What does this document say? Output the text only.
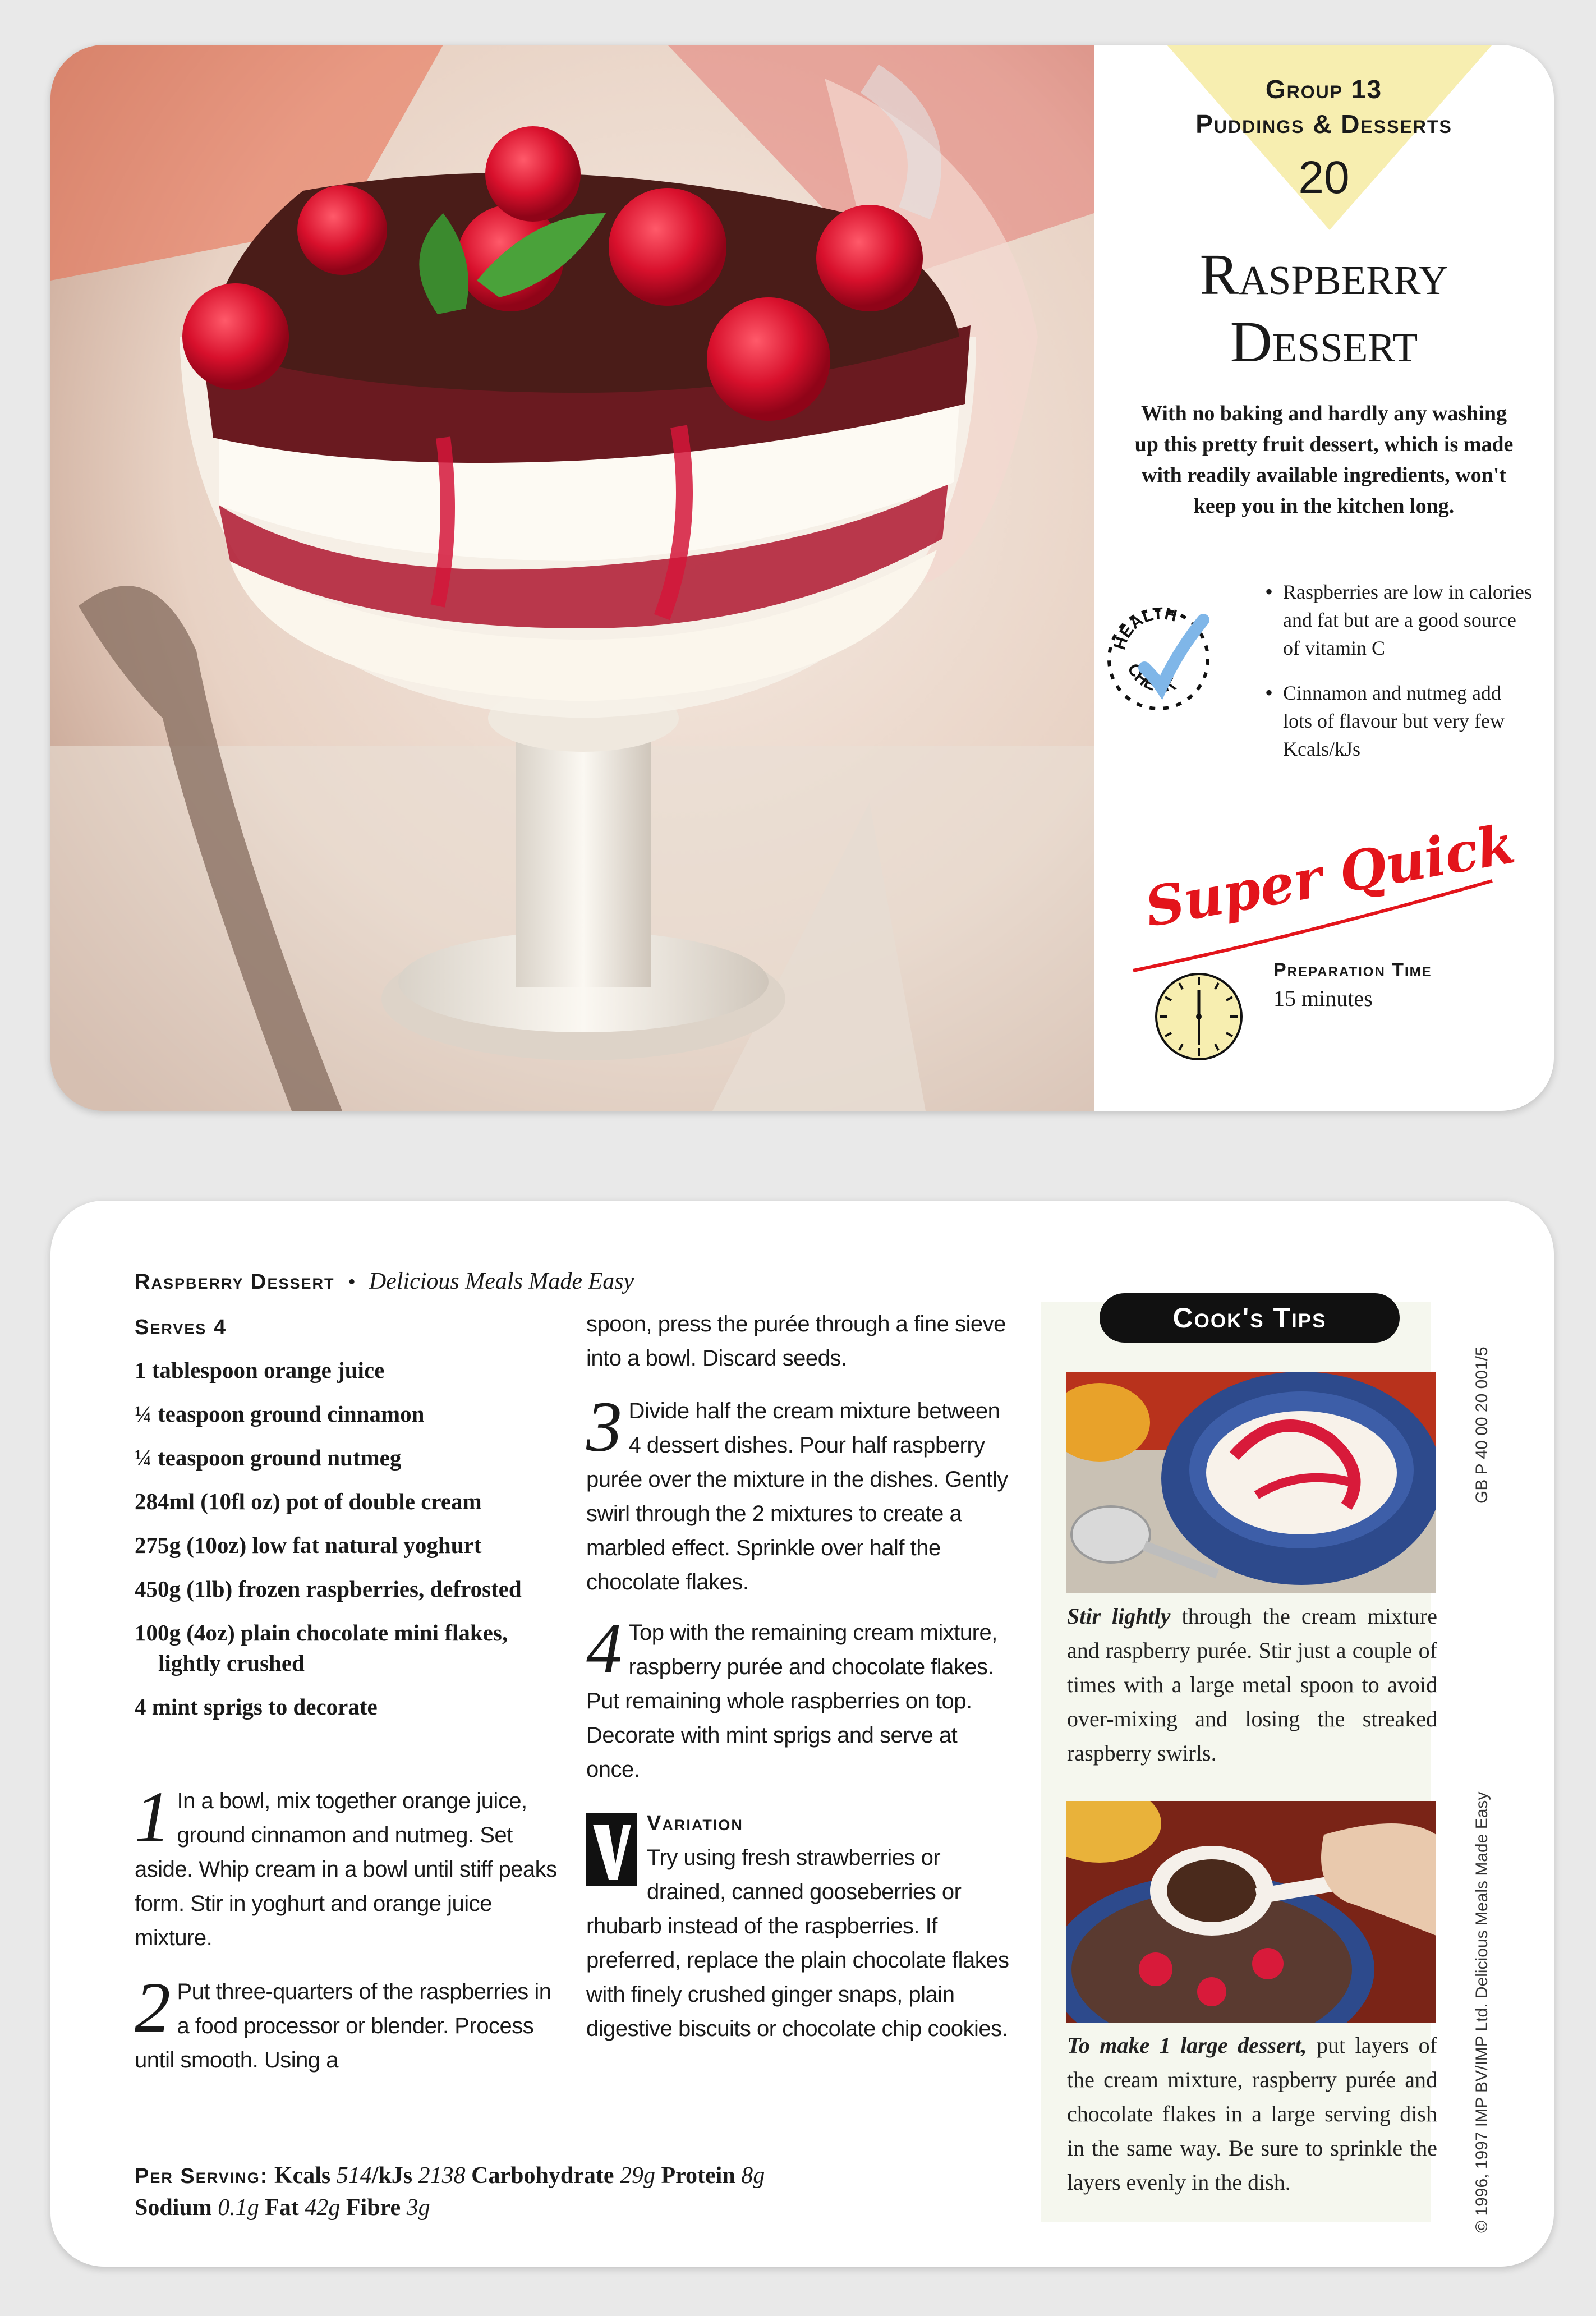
Group 13
Puddings & Desserts
20
Raspberry
Dessert
With no baking and hardly any washing up this pretty fruit dessert, which is made with readily available ingredients, won't keep you in the kitchen long.
HEALTH
CHECK
• Raspberries are low in calories and fat but are a good source of vitamin C
• Cinnamon and nutmeg add lots of flavour but very few Kcals/kJs
Super Quick
Preparation Time
15 minutes
Raspberry Dessert • Delicious Meals Made Easy
Serves 4
1 tablespoon orange juice
¼ teaspoon ground cinnamon
¼ teaspoon ground nutmeg
284ml (10fl oz) pot of double cream
275g (10oz) low fat natural yoghurt
450g (1lb) frozen raspberries, defrosted
100g (4oz) plain chocolate mini flakes, lightly crushed
4 mint sprigs to decorate
1 In a bowl, mix together orange juice, ground cinnamon and nutmeg. Set aside. Whip cream in a bowl until stiff peaks form. Stir in yoghurt and orange juice mixture.
2 Put three-quarters of the raspberries in a food processor or blender. Process until smooth. Using a
spoon, press the purée through a fine sieve into a bowl. Discard seeds.
3 Divide half the cream mixture between 4 dessert dishes. Pour half raspberry purée over the mixture in the dishes. Gently swirl through the 2 mixtures to create a marbled effect. Sprinkle over half the chocolate flakes.
4 Top with the remaining cream mixture, raspberry purée and chocolate flakes. Put remaining whole raspberries on top. Decorate with mint sprigs and serve at once.
Variation
Try using fresh strawberries or drained, canned gooseberries or rhubarb instead of the raspberries. If preferred, replace the plain chocolate flakes with finely crushed ginger snaps, plain digestive biscuits or chocolate chip cookies.
Per Serving: Kcals 514/kJs 2138 Carbohydrate 29g Protein 8g
Sodium 0.1g Fat 42g Fibre 3g
Cook's Tips
Stir lightly through the cream mixture and raspberry purée. Stir just a couple of times with a large metal spoon to avoid over-mixing and losing the streaked raspberry swirls.
To make 1 large dessert, put layers of the cream mixture, raspberry purée and chocolate flakes in a large serving dish in the same way. Be sure to sprinkle the layers evenly in the dish.
GB P 40 00 20 001/5
© 1996, 1997 IMP BV/IMP Ltd. Delicious Meals Made Easy
